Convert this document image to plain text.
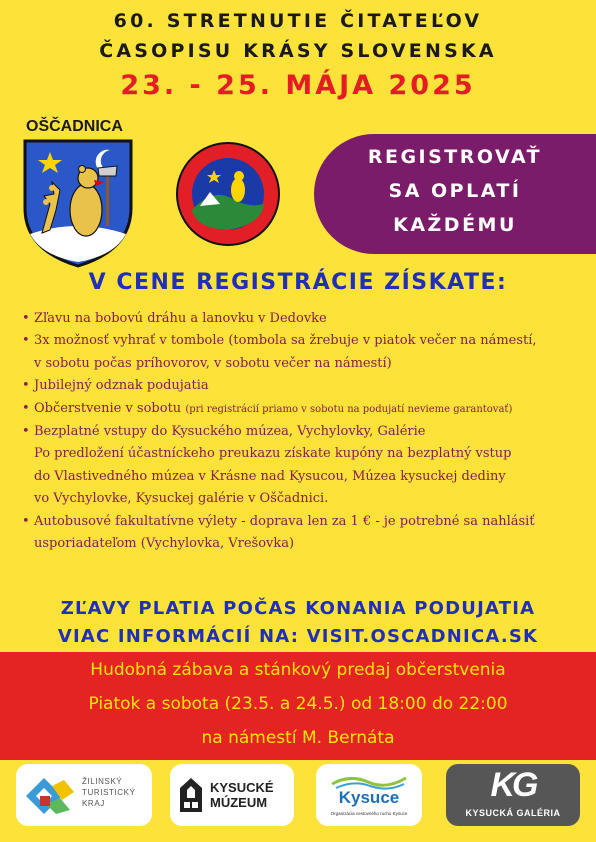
60. STRETNUTIE ČITATEĽOV
ČASOPISU KRÁSY SLOVENSKA
23. - 25. MÁJA 2025
OŠČADNICA
REGISTROVAŤ
SA OPLATÍ
KAŽDÉMU
V CENE REGISTRÁCIE ZÍSKATE:
• Zľavu na bobovú dráhu a lanovku v Dedovke
• 3x možnosť vyhrať v tombole (tombola sa žrebuje v piatok večer na námestí,
v sobotu počas príhovorov, v sobotu večer na námestí)
• Jubilejný odznak podujatia
• Občerstvenie v sobotu (pri registrácií priamo v sobotu na podujatí nevieme garantovať)
• Bezplatné vstupy do Kysuckého múzea, Vychylovky, Galérie
Po predložení účastníckeho preukazu získate kupóny na bezplatný vstup
do Vlastivedného múzea v Krásne nad Kysucou, Múzea kysuckej dediny
vo Vychylovke, Kysuckej galérie v Oščadnici.
• Autobusové fakultatívne výlety - doprava len za 1 € - je potrebné sa nahlásiť
usporiadateľom (Vychylovka, Vrešovka)
ZĽAVY PLATIA POČAS KONANIA PODUJATIA
VIAC INFORMÁCIÍ NA: VISIT.OSCADNICA.SK
Hudobná zábava a stánkový predaj občerstvenia
Piatok a sobota (23.5. a 24.5.) od 18:00 do 22:00
na námestí M. Bernáta
ŽILINSKÝ
TURISTICKÝ
KRAJ
KYSUCKÉ
MÚZEUM	Kysuce
Organizácia cestovného ruchu Kysuce
KG
KYSUCKÁ GALÉRIA
